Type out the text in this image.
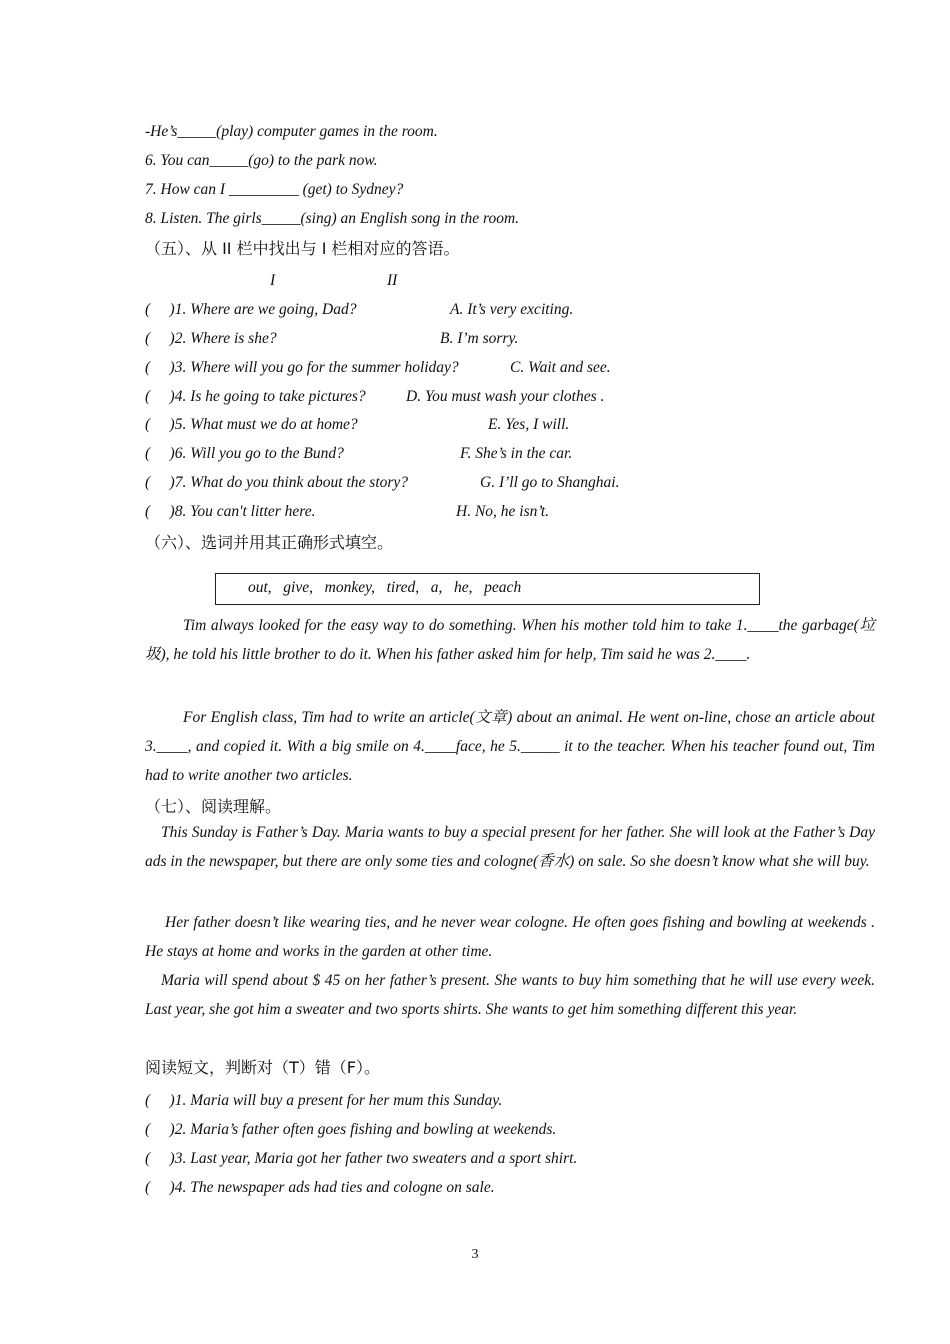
-He’s_____(play) computer games in the room.
6. You can_____(go) to the park now.
7. How can I _________ (get) to Sydney?
8. Listen. The girls_____(sing) an English song in the room.
（五）、从 II 栏中找出与 I 栏相对应的答语。
I	II
(     )1. Where are we going, Dad?	A. It’s very exciting.
(     )2. Where is she?	B. I’m sorry.
(     )3. Where will you go for the summer holiday?	C. Wait and see.
(     )4. Is he going to take pictures?	D. You must wash your clothes .
(     )5. What must we do at home?	E. Yes, I will.
(     )6. Will you go to the Bund?	F. She’s in the car.
(     )7. What do you think about the story?	G. I’ll go to Shanghai.
(     )8. You can't litter here.	H. No, he isn’t.
（六）、选词并用其正确形式填空。
out,   give,   monkey,   tired,   a,   he,   peach
Tim always looked for the easy way to do something. When his mother told him to take 1.____the garbage(垃圾), he told his little brother to do it. When his father asked him for help, Tim said he was 2.____.
For English class, Tim had to write an article(文章) about an animal. He went on-line, chose an article about 3.____, and copied it. With a big smile on 4.____face, he 5._____ it to the teacher. When his teacher found out, Tim had to write another two articles.
（七）、阅读理解。
This Sunday is Father’s Day. Maria wants to buy a special present for her father. She will look at the Father’s Day ads in the newspaper, but there are only some ties and cologne(香水) on sale. So she doesn’t know what she will buy.
Her father doesn’t like wearing ties, and he never wear cologne. He often goes fishing and bowling at weekends . He stays at home and works in the garden at other time.
Maria will spend about $ 45 on her father’s present. She wants to buy him something that he will use every week. Last year, she got him a sweater and two sports shirts. She wants to get him something different this year.
阅读短文，判断对（T）错（F）。
(     )1. Maria will buy a present for her mum this Sunday.
(     )2. Maria’s father often goes fishing and bowling at weekends.
(     )3. Last year, Maria got her father two sweaters and a sport shirt.
(     )4. The newspaper ads had ties and cologne on sale.
3
